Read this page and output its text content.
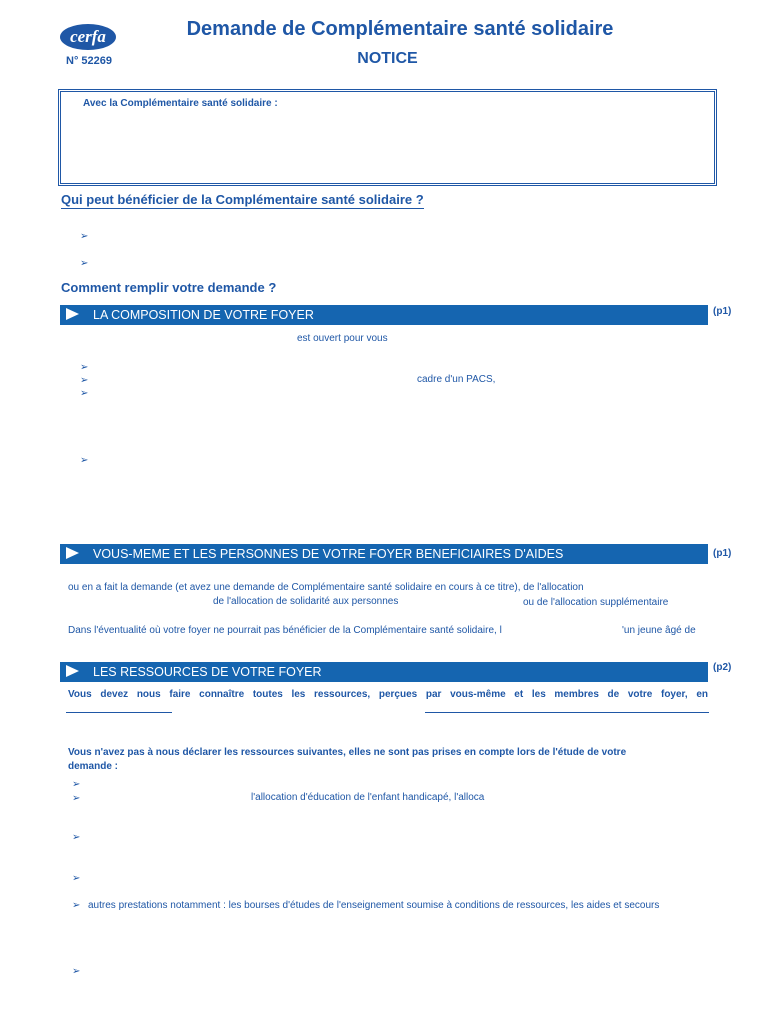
cerfa
N° 52269
Demande de Complémentaire santé solidaire
NOTICE
Avec la Complémentaire santé solidaire :
Qui peut bénéficier de la Complémentaire santé solidaire ?
➢
➢
Comment remplir votre demande ?
LA COMPOSITION DE VOTRE FOYER	(p1)
est ouvert pour vous
➢
➢	cadre d'un PACS,
➢
➢
VOUS-MEME ET LES PERSONNES DE VOTRE FOYER BENEFICIAIRES D'AIDES	(p1)
ou en a fait la demande (et avez une demande de Complémentaire santé solidaire en cours à ce titre), de l'allocation
de l'allocation de solidarité aux personnes	ou de l'allocation supplémentaire
Dans l'éventualité où votre foyer ne pourrait pas bénéficier de la Complémentaire santé solidaire, l	'un jeune âgé de
LES RESSOURCES DE VOTRE FOYER	(p2)
Vous devez nous faire connaître toutes les ressources, perçues par vous-même et les membres de votre foyer, en
Vous n'avez pas à nous déclarer les ressources suivantes, elles ne sont pas prises en compte lors de l'étude de votre
demande :
➢
➢	l'allocation d'éducation de l'enfant handicapé, l'alloca
➢
➢
➢ autres prestations notamment : les bourses d'études de l'enseignement soumise à conditions de ressources, les aides et secours
➢
